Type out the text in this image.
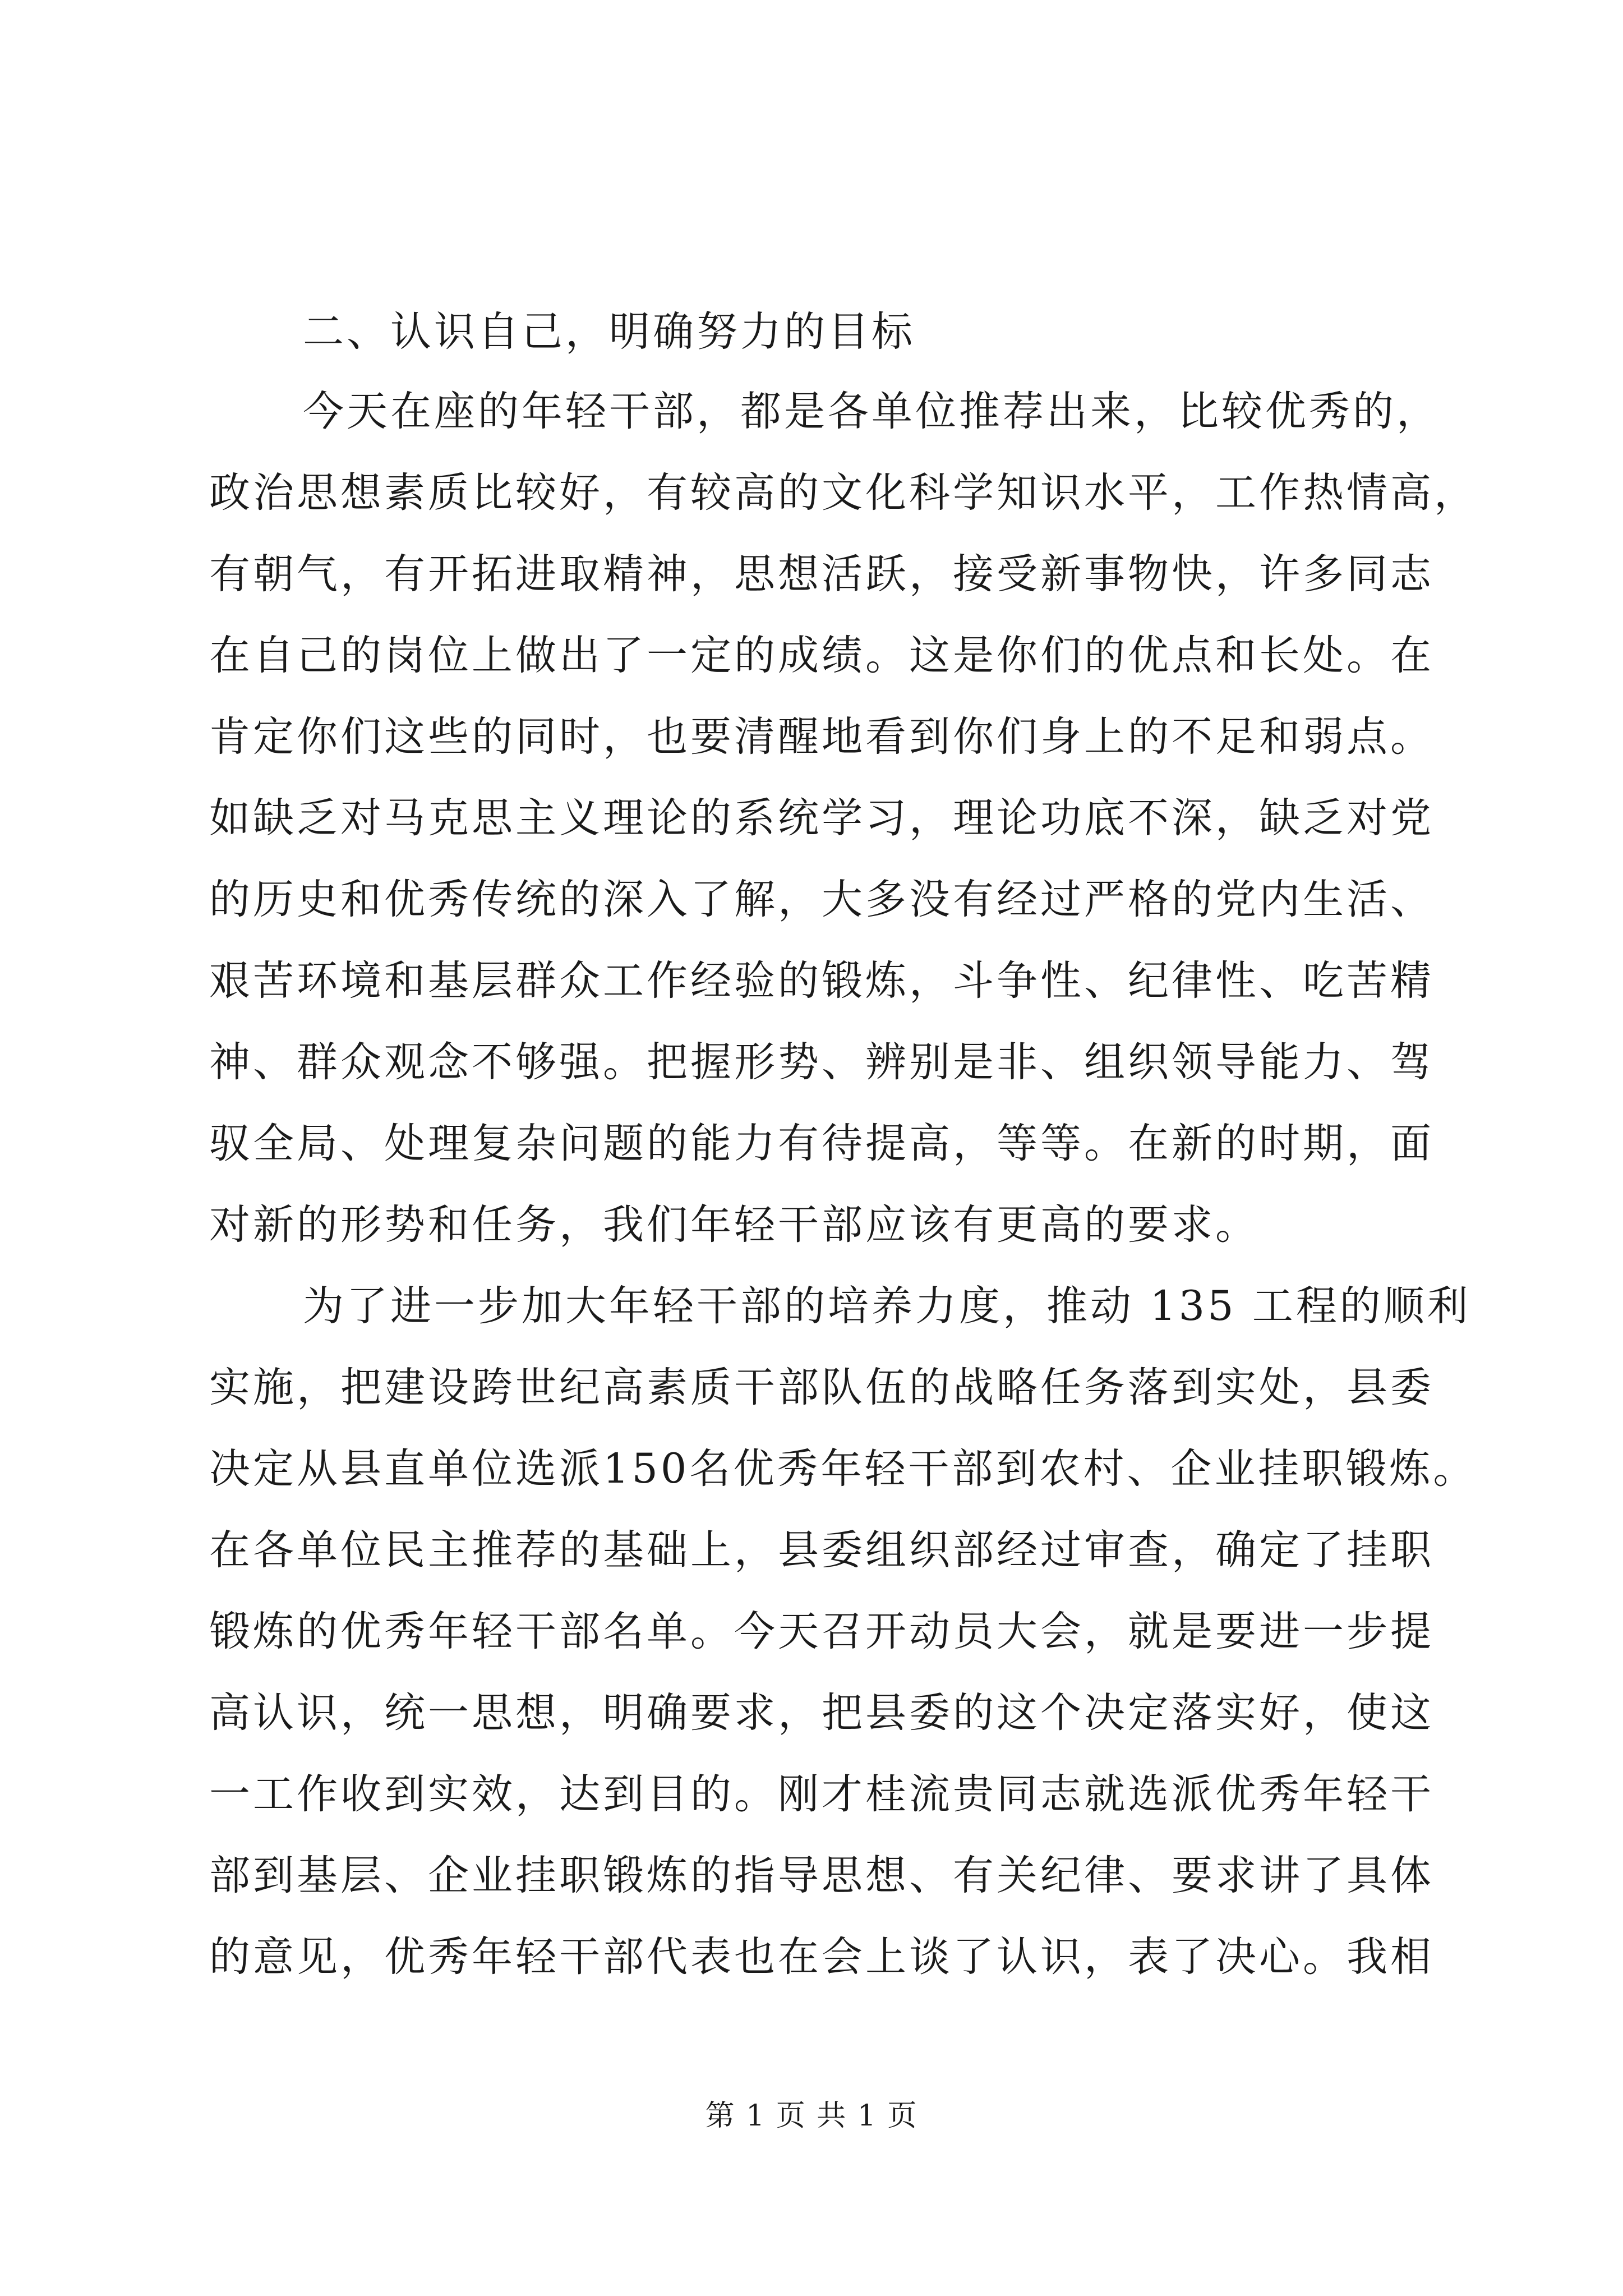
二、认识自己，明确努力的目标

今天在座的年轻干部，都是各单位推荐出来，比较优秀的，

政治思想素质比较好，有较高的文化科学知识水平，工作热情高，

有朝气，有开拓进取精神，思想活跃，接受新事物快，许多同志

在自己的岗位上做出了一定的成绩。这是你们的优点和长处。在

肯定你们这些的同时，也要清醒地看到你们身上的不足和弱点。

如缺乏对马克思主义理论的系统学习，理论功底不深，缺乏对党

的历史和优秀传统的深入了解，大多没有经过严格的党内生活、

艰苦环境和基层群众工作经验的锻炼，斗争性、纪律性、吃苦精

神、群众观念不够强。把握形势、辨别是非、组织领导能力、驾

驭全局、处理复杂问题的能力有待提高，等等。在新的时期，面

对新的形势和任务，我们年轻干部应该有更高的要求。

为了进一步加大年轻干部的培养力度，推动 135 工程的顺利

实施，把建设跨世纪高素质干部队伍的战略任务落到实处，县委

决定从县直单位选派150名优秀年轻干部到农村、企业挂职锻炼。

在各单位民主推荐的基础上，县委组织部经过审查，确定了挂职

锻炼的优秀年轻干部名单。今天召开动员大会，就是要进一步提

高认识，统一思想，明确要求，把县委的这个决定落实好，使这

一工作收到实效，达到目的。刚才桂流贵同志就选派优秀年轻干

部到基层、企业挂职锻炼的指导思想、有关纪律、要求讲了具体

的意见，优秀年轻干部代表也在会上谈了认识，表了决心。我相

第 1 页 共 1 页
